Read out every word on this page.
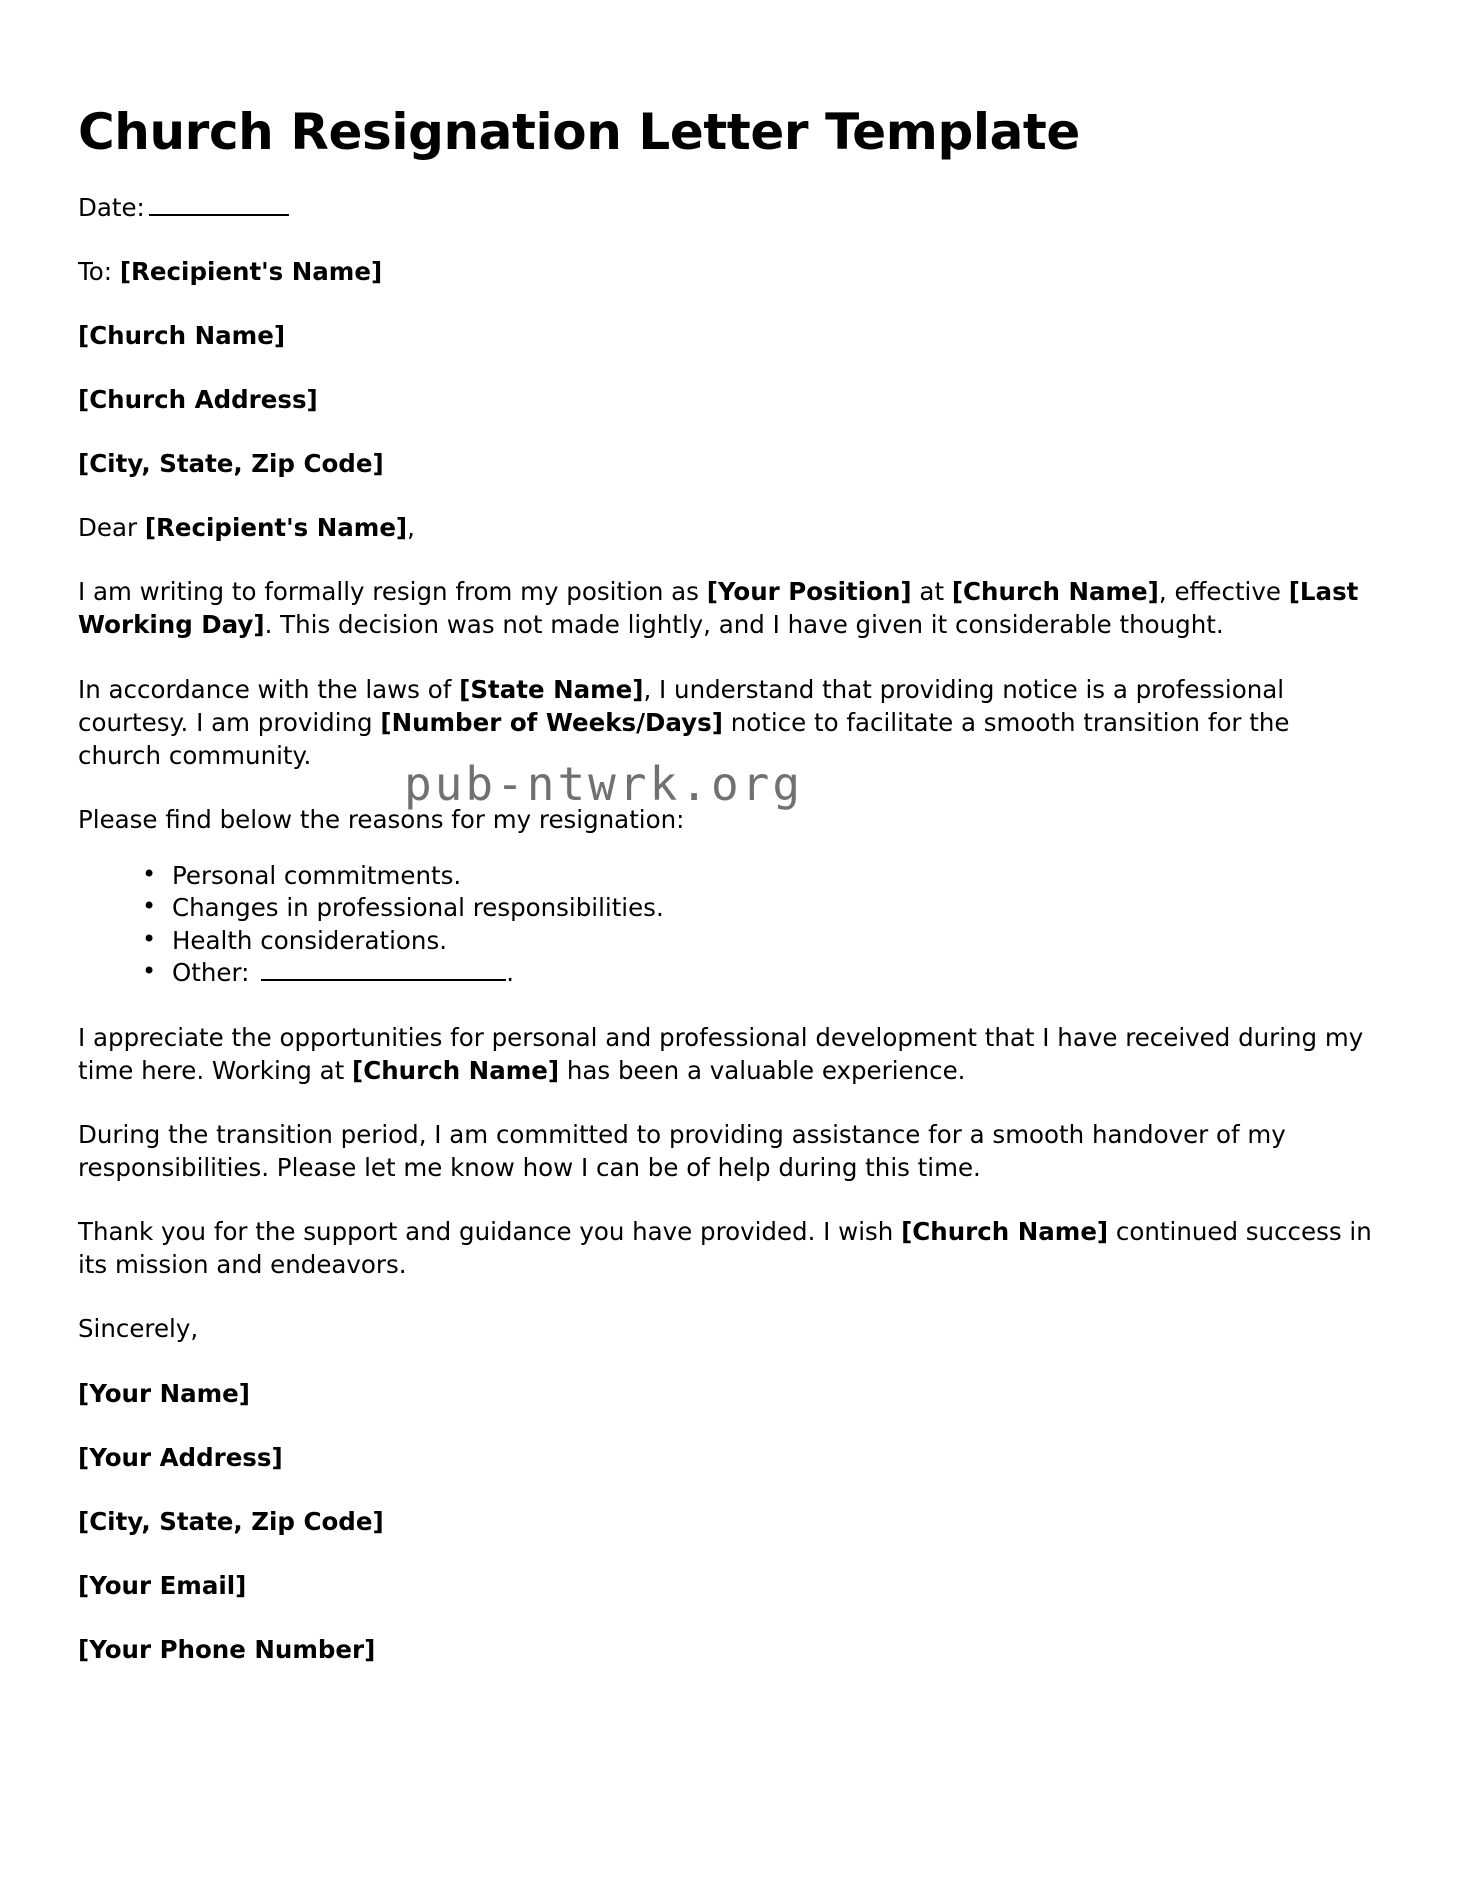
Church Resignation Letter Template

Date:

To: [Recipient's Name]

[Church Name]

[Church Address]

[City, State, Zip Code]

Dear [Recipient's Name],

I am writing to formally resign from my position as [Your Position] at [Church Name], effective [Last Working Day]. This decision was not made lightly, and I have given it considerable thought.

In accordance with the laws of [State Name], I understand that providing notice is a professional courtesy. I am providing [Number of Weeks/Days] notice to facilitate a smooth transition for the church community.

Please find below the reasons for my resignation:

• Personal commitments.
• Changes in professional responsibilities.
• Health considerations.
• Other:	.

I appreciate the opportunities for personal and professional development that I have received during my time here. Working at [Church Name] has been a valuable experience.

During the transition period, I am committed to providing assistance for a smooth handover of my responsibilities. Please let me know how I can be of help during this time.

Thank you for the support and guidance you have provided. I wish [Church Name] continued success in its mission and endeavors.

Sincerely,

[Your Name]

[Your Address]

[City, State, Zip Code]

[Your Email]

[Your Phone Number]

pub-ntwrk.org
